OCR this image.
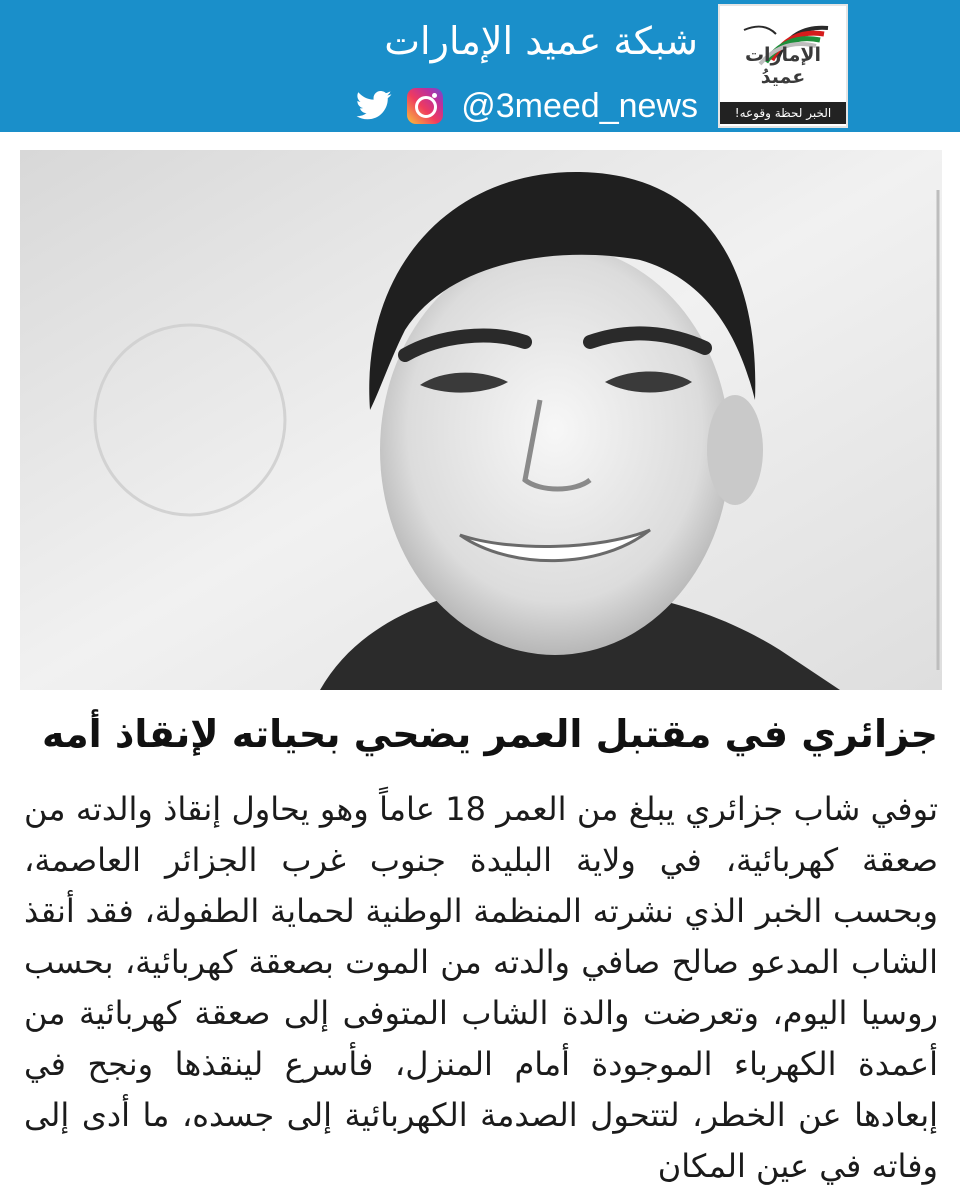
الإمارات
عميدُ
الخبر لحظة وقوعه!
شبكة عميد الإمارات
@3meed_news
جزائري في مقتبل العمر يضحي بحياته لإنقاذ أمه

توفي شاب جزائري يبلغ من العمر 18 عاماً وهو يحاول إنقاذ والدته من صعقة كهربائية، في ولاية البليدة جنوب غرب الجزائر العاصمة، وبحسب الخبر الذي نشرته المنظمة الوطنية لحماية الطفولة، فقد أنقذ الشاب المدعو صالح صافي والدته من الموت بصعقة كهربائية، بحسب روسيا اليوم، وتعرضت والدة الشاب المتوفى إلى صعقة كهربائية من أعمدة الكهرباء الموجودة أمام المنزل، فأسرع لينقذها ونجح في إبعادها عن الخطر، لتتحول الصدمة الكهربائية إلى جسده، ما أدى إلى وفاته في عين المكان
